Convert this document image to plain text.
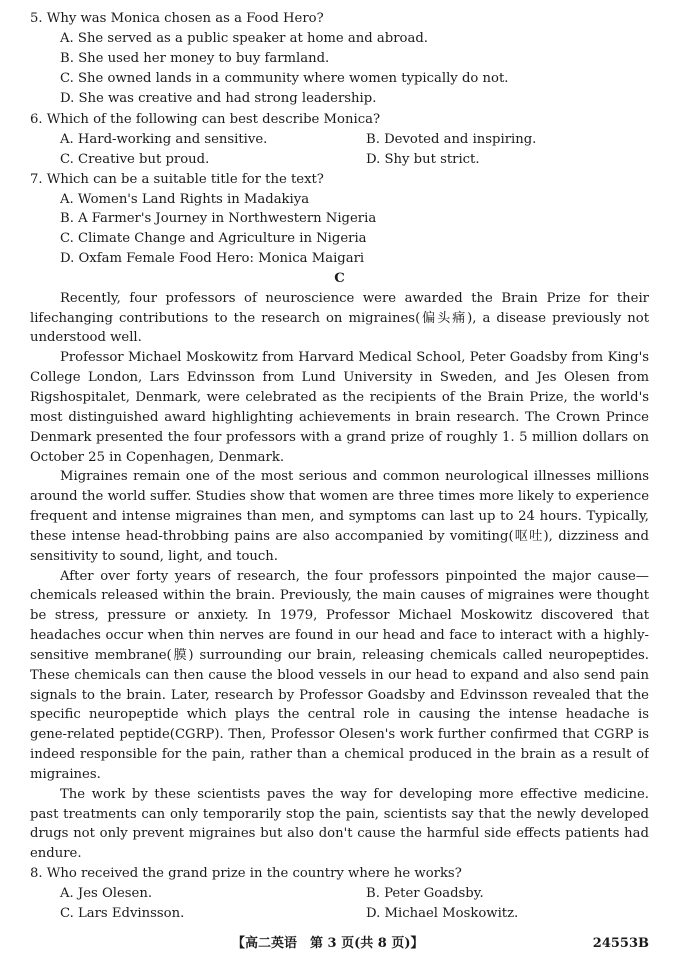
5. Why was Monica chosen as a Food Hero?
A. She served as a public speaker at home and abroad.
B. She used her money to buy farmland.
C. She owned lands in a community where women typically do not.
D. She was creative and had strong leadership.
6. Which of the following can best describe Monica?
A. Hard-working and sensitive.	B. Devoted and inspiring.
C. Creative but proud.	D. Shy but strict.
7. Which can be a suitable title for the text?
A. Women's Land Rights in Madakiya
B. A Farmer's Journey in Northwestern Nigeria
C. Climate Change and Agriculture in Nigeria
D. Oxfam Female Food Hero: Monica Maigari
C
Recently, four professors of neuroscience were awarded the Brain Prize for their
lifechanging contributions to the research on migraines(偏头痛), a disease previously not
understood well.
Professor Michael Moskowitz from Harvard Medical School, Peter Goadsby from King's
College London, Lars Edvinsson from Lund University in Sweden, and Jes Olesen from
Rigshospitalet, Denmark, were celebrated as the recipients of the Brain Prize, the world's
most distinguished award highlighting achievements in brain research. The Crown Prince
Denmark presented the four professors with a grand prize of roughly 1. 5 million dollars on
October 25 in Copenhagen, Denmark.
Migraines remain one of the most serious and common neurological illnesses millions
around the world suffer. Studies show that women are three times more likely to experience
frequent and intense migraines than men, and symptoms can last up to 24 hours. Typically,
these intense head-throbbing pains are also accompanied by vomiting(呕吐), dizziness and
sensitivity to sound, light, and touch.
After over forty years of research, the four professors pinpointed the major cause—
chemicals released within the brain. Previously, the main causes of migraines were thought
be stress, pressure or anxiety. In 1979, Professor Michael Moskowitz discovered that
headaches occur when thin nerves are found in our head and face to interact with a highly-
sensitive membrane(膜) surrounding our brain, releasing chemicals called neuropeptides.
These chemicals can then cause the blood vessels in our head to expand and also send pain
signals to the brain. Later, research by Professor Goadsby and Edvinsson revealed that the
specific neuropeptide which plays the central role in causing the intense headache is
gene-related peptide(CGRP). Then, Professor Olesen's work further confirmed that CGRP is
indeed responsible for the pain, rather than a chemical produced in the brain as a result of
migraines.
The work by these scientists paves the way for developing more effective medicine.
past treatments can only temporarily stop the pain, scientists say that the newly developed
drugs not only prevent migraines but also don't cause the harmful side effects patients had
endure.
8. Who received the grand prize in the country where he works?
A. Jes Olesen.	B. Peter Goadsby.
C. Lars Edvinsson.	D. Michael Moskowitz.
【高二英语　第 3 页(共 8 页)】	24553B
